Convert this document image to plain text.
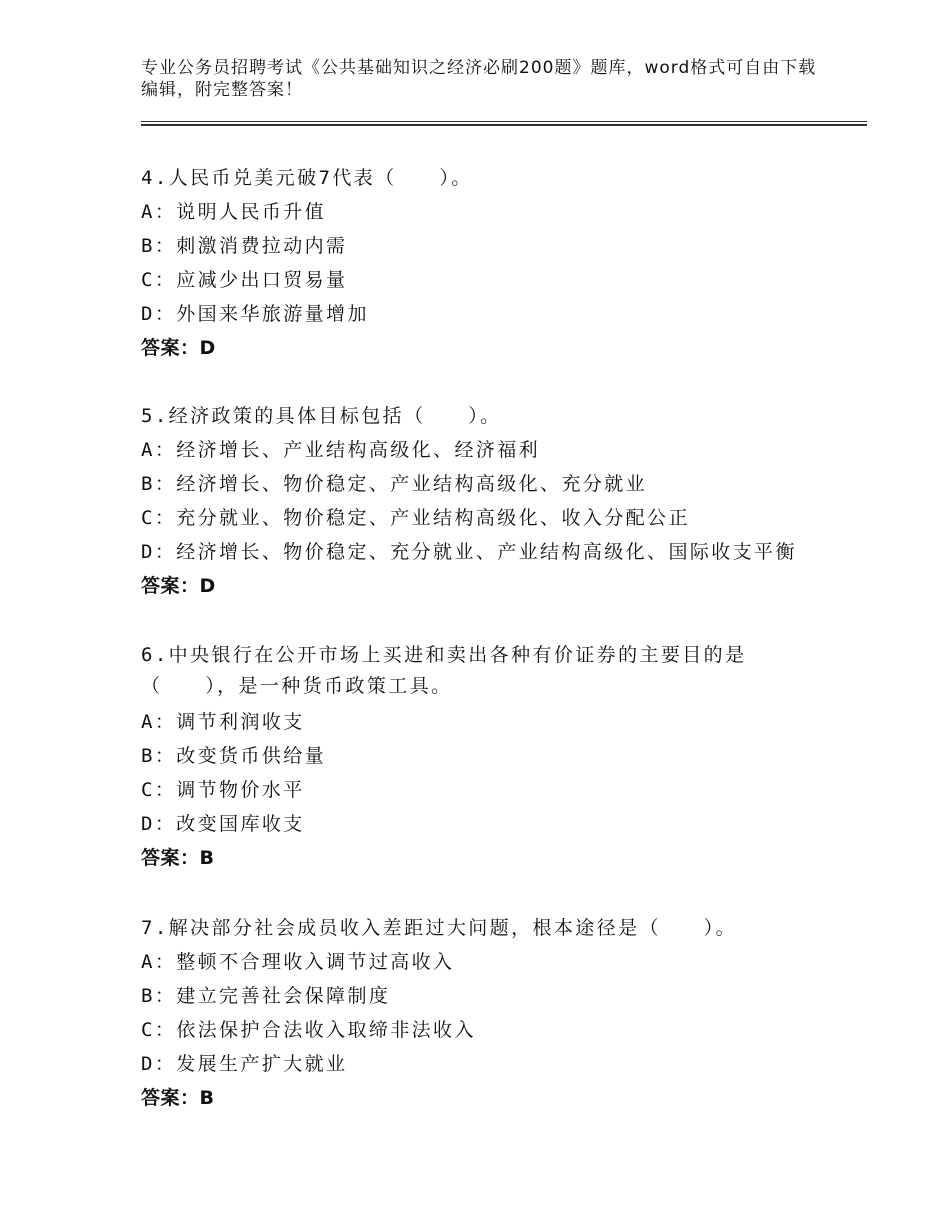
专业公务员招聘考试《公共基础知识之经济必刷200题》题库，word格式可自由下载编辑，附完整答案！
4.人民币兑美元破7代表（　　）。
A：说明人民币升值
B：刺激消费拉动内需
C：应减少出口贸易量
D：外国来华旅游量增加
答案：D
5.经济政策的具体目标包括（　　）。
A：经济增长、产业结构高级化、经济福利
B：经济增长、物价稳定、产业结构高级化、充分就业
C：充分就业、物价稳定、产业结构高级化、收入分配公正
D：经济增长、物价稳定、充分就业、产业结构高级化、国际收支平衡
答案：D
6.中央银行在公开市场上买进和卖出各种有价证券的主要目的是（　　），是一种货币政策工具。
A：调节利润收支
B：改变货币供给量
C：调节物价水平
D：改变国库收支
答案：B
7.解决部分社会成员收入差距过大问题，根本途径是（　　）。
A：整顿不合理收入调节过高收入
B：建立完善社会保障制度
C：依法保护合法收入取缔非法收入
D：发展生产扩大就业
答案：B
